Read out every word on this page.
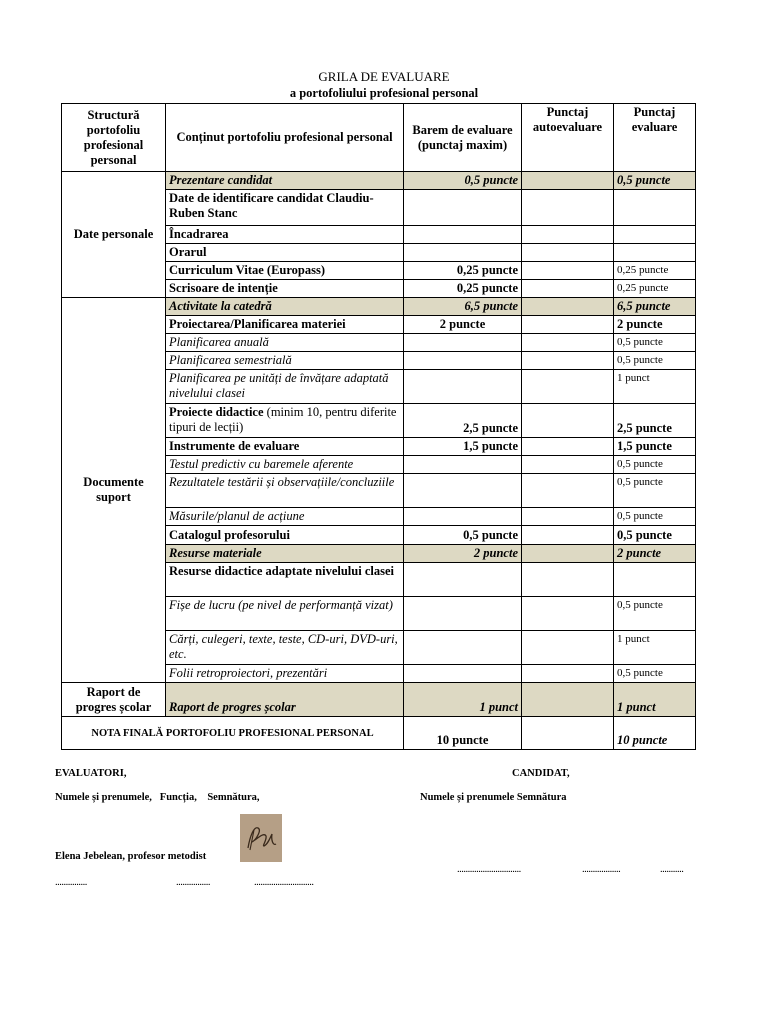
GRILA DE EVALUARE
a portofoliului profesional personal
Structură portofoliu profesional personal	Conținut portofoliu profesional personal	Barem de evaluare (punctaj maxim)	Punctaj autoevaluare	Punctaj evaluare
Date personale	Prezentare candidat	0,5 puncte		0,5 puncte
	Date de identificare candidat Claudiu-Ruben Stanc			
	Încadrarea			
	Orarul			
	Curriculum Vitae (Europass)	0,25 puncte		0,25 puncte
	Scrisoare de intenție	0,25 puncte		0,25 puncte
Documente suport	Activitate la catedră	6,5 puncte		6,5 puncte
	Proiectarea/Planificarea materiei	2 puncte		2 puncte
	Planificarea anuală			0,5 puncte
	Planificarea semestrială			0,5 puncte
	Planificarea pe unități de învățare adaptată nivelului clasei			1 punct
	Proiecte didactice (minim 10, pentru diferite tipuri de lecții)	2,5 puncte		2,5 puncte
	Instrumente de evaluare	1,5 puncte		1,5 puncte
	Testul predictiv cu baremele aferente			0,5 puncte
	Rezultatele testării și observațiile/concluziile			0,5 puncte
	Măsurile/planul de acțiune			0,5 puncte
	Catalogul profesorului	0,5 puncte		0,5 puncte
	Resurse materiale	2 puncte		2 puncte
	Resurse didactice adaptate nivelului clasei			
	Fișe de lucru (pe nivel de performanță vizat)			0,5 puncte
	Cărți, culegeri, texte, teste, CD-uri, DVD-uri, etc.			1 punct
	Folii retroproiectori, prezentări			0,5 puncte
Raport de progres școlar	Raport de progres școlar	1 punct		1 punct
NOTA FINALĂ PORTOFOLIU PROFESIONAL PERSONAL		10 puncte		10 puncte
EVALUATORI,	CANDIDAT,
Numele și prenumele,   Funcția,    Semnătura,	Numele și prenumele Semnătura
Elena Jebelean, profesor metodist
...............	................	............................
..............................	..................	...........
